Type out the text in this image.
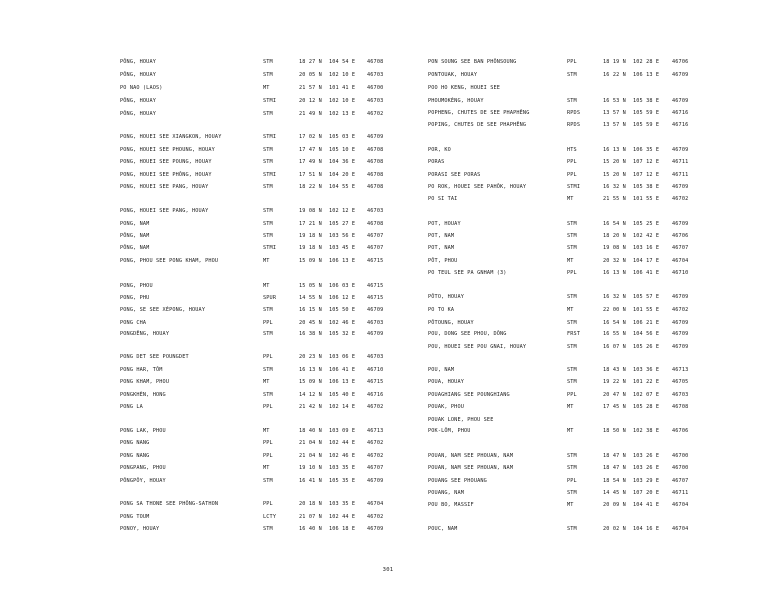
PÔNG, HOUAY	STM	18 27 N 104 54 E 46708
PÔNG, HOUAY	STM	20 05 N 102 10 E 46703
PO NAO (LAOS)	MT	21 57 N 101 41 E 46700
PÔNG, HOUAY	STMI	20 12 N 102 10 E 46703
PÔNG, HOUAY	STM	21 49 N 102 13 E 46702
PONG, HOUEI SEE XIANGKON, HOUAY	STMI	17 02 N 105 03 E 46709
PONG, HOUEI SEE PHOUNG, HOUAY	STM	17 47 N 105 10 E 46708
PONG, HOUEI SEE POUNG, HOUAY	STM	17 49 N 104 36 E 46708
PONG, HOUEI SEE PHÔNG, HOUAY	STMI	17 51 N 104 20 E 46708
PONG, HOUEI SEE PANG, HOUAY	STM	18 22 N 104 55 E 46708
PONG, HOUEI SEE PANG, HOUAY	STM	19 08 N 102 12 E 46703
PONG, NAM	STM	17 21 N 105 27 E 46708
PÔNG, NAM	STM	19 18 N 103 56 E 46707
PÔNG, NAM	STMI	19 18 N 103 45 E 46707
PONG, PHOU SEE PONG KHAM, PHOU	MT	15 09 N 106 13 E 46715
PONG, PHOU	MT	15 05 N 106 03 E 46715
PONG, PHU	SPUR	14 55 N 106 12 E 46715
PONG, SE SEE XÉPONG, HOUAY	STM	16 15 N 105 50 E 46709
PONG CHA	PPL	20 45 N 102 46 E 46703
PONGDÊNG, HOUAY	STM	16 38 N 105 32 E 46709
PONG DET SEE POUNGDET	PPL	20 23 N 103 06 E 46703
PONG HAR, TÔM	STM	16 13 N 106 41 E 46710
PONG KHAM, PHOU	MT	15 09 N 106 13 E 46715
PONGKHÈN, HONG	STM	14 12 N 105 40 E 46716
PONG LA	PPL	21 42 N 102 14 E 46702
PONG LAK, PHOU	MT	18 40 N 103 09 E 46713
PONG NANG	PPL	21 04 N 102 44 E 46702
PONG NANG	PPL	21 04 N 102 46 E 46702
PONGPANG, PHOU	MT	19 10 N 103 35 E 46707
PÔNGPÔY, HOUAY	STM	16 41 N 105 35 E 46709
PONG SA THONE SEE PHÔNG-SATHON	PPL	20 18 N 103 35 E 46704
PONG TOUM	LCTY	21 07 N 102 44 E 46702
PONOY, HOUAY	STM	16 40 N 106 18 E 46709
PON SOUNG SEE BAN PHÔNSOUNG	PPL	18 19 N 102 28 E 46706
PONTOUAK, HOUAY	STM	16 22 N 106 13 E 46709
POO HO KENG, HOUEI SEE
PHOUMOKÈNG, HOUAY	STM	16 53 N 105 38 E 46709
POPHENG, CHUTES DE SEE PHAPHÊNG	RPDS	13 57 N 105 59 E 46716
POPING, CHUTES DE SEE PHAPHÊNG	RPDS	13 57 N 105 59 E 46716
POR, KO	HTS	16 13 N 106 35 E 46709
PORAS	PPL	15 20 N 107 12 E 46711
PORASI SEE PORAS	PPL	15 20 N 107 12 E 46711
PO ROK, HOUEI SEE PAHÔK, HOUAY	STMI	16 32 N 105 38 E 46709
PO SI TAI	MT	21 55 N 101 55 E 46702
POT, HOUAY	STM	16 54 N 105 25 E 46709
POT, NAM	STM	18 20 N 102 42 E 46706
POT, NAM	STM	19 08 N 103 16 E 46707
PÔT, PHOU	MT	20 32 N 104 17 E 46704
PO TEUL SEE PA GNHAM (3)	PPL	16 13 N 106 41 E 46710
PÔTO, HOUAY	STM	16 32 N 105 57 E 46709
PO TO KA	MT	22 00 N 101 55 E 46702
PÔTOUNG, HOUAY	STM	16 54 N 106 21 E 46709
POU, DONG SEE PHOU, DÔNG	FRST	16 55 N 104 56 E 46709
POU, HOUEI SEE POU GNAI, HOUAY	STM	16 07 N 105 26 E 46709
POU, NAM	STM	18 43 N 103 36 E 46713
POUA, HOUAY	STM	19 22 N 101 22 E 46705
POUAGHIANG SEE POUNGHIANG	PPL	20 47 N 102 07 E 46703
POUAK, PHOU	MT	17 45 N 105 28 E 46708
POUAK LONE, PHOU SEE
POK-LÔM, PHOU	MT	18 50 N 102 38 E 46706
POUAN, NAM SEE PHOUAN, NAM	STM	18 47 N 103 26 E 46700
POUAN, NAM SEE PHOUAN, NAM	STM	18 47 N 103 26 E 46700
POUANG SEE PHOUANG	PPL	18 54 N 103 29 E 46707
POUANG, NAM	STM	14 45 N 107 20 E 46711
POU BO, MASSIF	MT	20 09 N 104 41 E 46704
POUC, NAM	STM	20 02 N 104 16 E 46704
301
